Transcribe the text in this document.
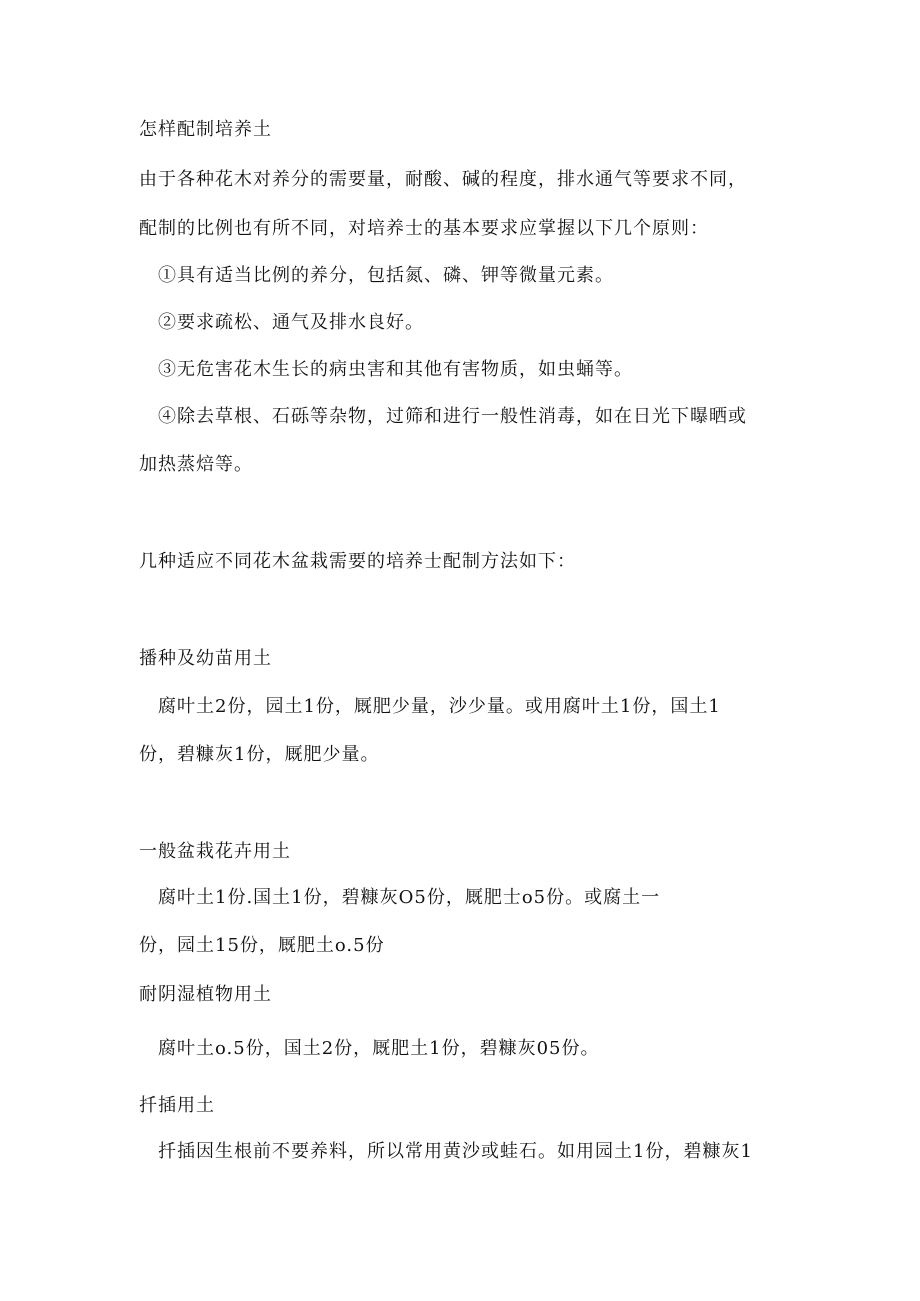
怎样配制培养土

由于各种花木对养分的需要量，耐酸、碱的程度，排水通气等要求不同，

配制的比例也有所不同，对培养士的基本要求应掌握以下几个原则：

①具有适当比例的养分，包括氮、磷、钾等微量元素。

②要求疏松、通气及排水良好。

③无危害花木生长的病虫害和其他有害物质，如虫蛹等。

④除去草根、石砾等杂物，过筛和进行一般性消毒，如在日光下曝晒或

加热蒸焙等。

几种适应不同花木盆栽需要的培养士配制方法如下：

播种及幼苗用土

腐叶土2份，园土1份，厩肥少量，沙少量。或用腐叶土1份，国土1

份，碧糠灰1份，厩肥少量。

一般盆栽花卉用土

腐叶土1份.国土1份，碧糠灰O5份，厩肥士o5份。或腐土一

份，园土15份，厩肥土o.5份

耐阴湿植物用土

腐叶土o.5份，国土2份，厩肥土1份，碧糠灰05份。

扦插用土

扦插因生根前不要养料，所以常用黄沙或蛙石。如用园土1份，碧糠灰1
